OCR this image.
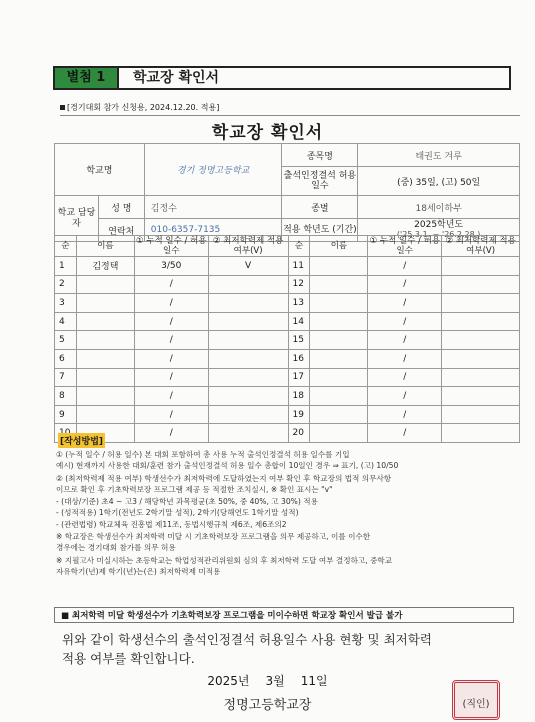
별첨 1	학교장 확인서
[경기대회 참가 신청용, 2024.12.20. 적용]
학교장 확인서
학교명		경기 정명고등학교	종목명	태권도 겨루
			출석인정결석 허용 일수	(중) 35일, (고) 50일
학교 담당자	성 명	김정수	종별	18세이하부
	연락처	010-6357-7135	적용 학년도 (기간)	2025학년도
('25.3.1. ~ '26.2.28.)
순	이름	① 누적 일수 / 허용 일수	② 최저학력제 적용 여부(V)	순	이름	① 누적 일수 / 허용 일수	② 최저학력제 적용 여부(V)
1	김정택	3/50	V	11		/	
2		/		12		/	
3		/		13		/	
4		/		14		/	
5		/		15		/	
6		/		16		/	
7		/		17		/	
8		/		18		/	
9		/		19		/	
		/		20		/	
[작성방법]
① (누적 일수 / 허용 일수) 본 대회 포함하여 총 사용 누적 출석인정결석 허용 일수를 기입
예시) 현재까지 사용한 대회/훈련 참가 출석인정결석 허용 일수 총합이 10일인 경우 ⇒ 표기, (고) 10/50
② (최저학력제 적용 여부) 학생선수가 최저학력에 도달하였는지 여부 확인 후 학교장의 법적 의무사항
이므로 확인 후 기초학력보장 프로그램 제공 등 적절한 조치실시, ※ 확인 표시는 "v"
- (대상/기준) 초4 ~ 고3 / 해당학년 과목평균(초 50%, 중 40%, 고 30%) 적용
- (성적적용) 1학기(전년도 2학기말 성적), 2학기(당해연도 1학기말 성적)
- (관련법령) 학교체육 진흥법 제11조, 동법시행규칙 제6조, 제6조의2
※ 학교장은 학생선수가 최저학력 미달 시 기초학력보장 프로그램을 의무 제공하고, 이를 이수한
경우에는 경기대회 참가를 의무 허용
※ 지필고사 미실시하는 초등학교는 학업성적관리위원회 심의 후 최저학력 도달 여부 결정하고, 중학교
자유학기(년)제 학기(년)는(은) 최저학력제 미적용
■ 최저학력 미달 학생선수가 기초학력보장 프로그램을 미이수하면 학교장 확인서 발급 불가
위와 같이 학생선수의 출석인정결석 허용일수 사용 현황 및 최저학력
적용 여부를 확인합니다.
2025년 3월 11일
정명고등학교장	(직인)
